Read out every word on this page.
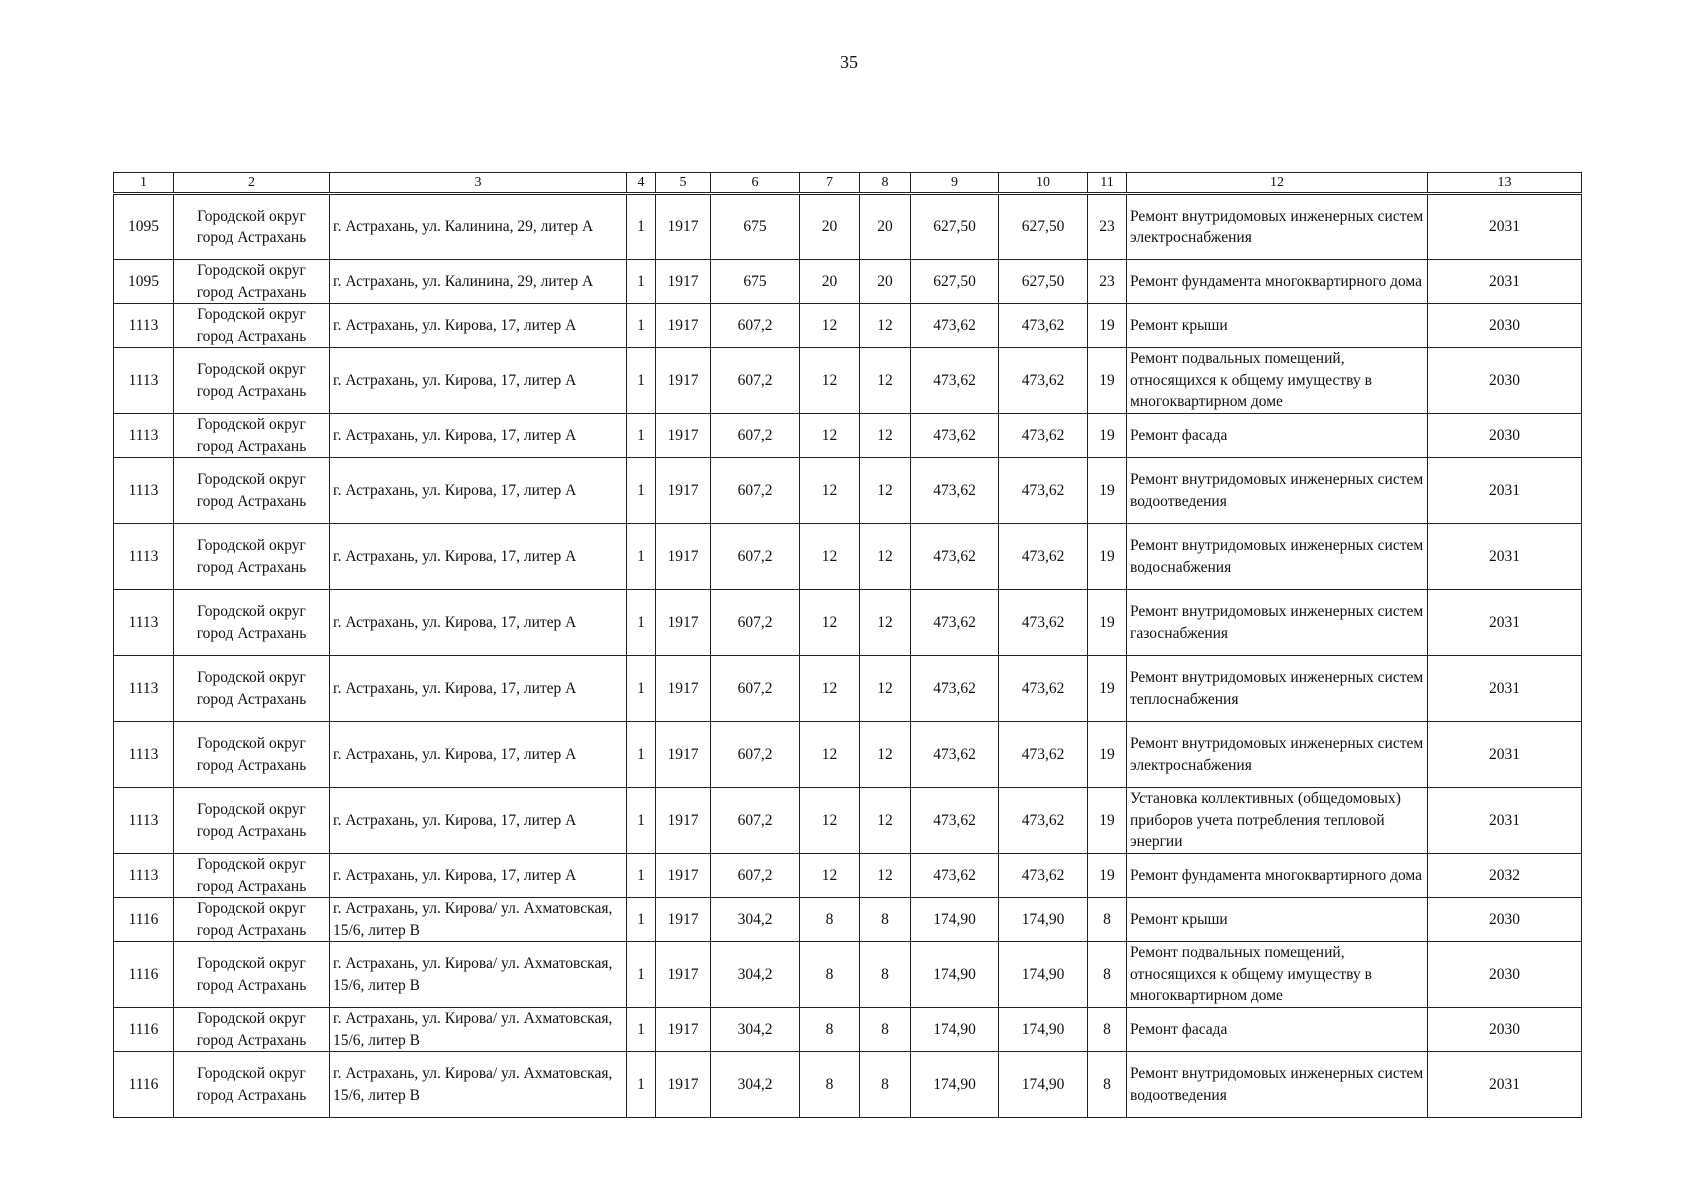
35
1	2	3	4	5	6	7	8	9	10	11	12	13
1095	Городской округ город Астрахань	г. Астрахань, ул. Калинина, 29, литер А	1	1917	675	20	20	627,50	627,50	23	Ремонт внутридомовых инженерных систем электроснабжения	2031
1095	Городской округ город Астрахань	г. Астрахань, ул. Калинина, 29, литер А	1	1917	675	20	20	627,50	627,50	23	Ремонт фундамента многоквартирного дома	2031
1113	Городской округ город Астрахань	г. Астрахань, ул. Кирова, 17, литер А	1	1917	607,2	12	12	473,62	473,62	19	Ремонт крыши	2030
1113	Городской округ город Астрахань	г. Астрахань, ул. Кирова, 17, литер А	1	1917	607,2	12	12	473,62	473,62	19	Ремонт подвальных помещений, относящихся к общему имуществу в многоквартирном доме	2030
1113	Городской округ город Астрахань	г. Астрахань, ул. Кирова, 17, литер А	1	1917	607,2	12	12	473,62	473,62	19	Ремонт фасада	2030
1113	Городской округ город Астрахань	г. Астрахань, ул. Кирова, 17, литер А	1	1917	607,2	12	12	473,62	473,62	19	Ремонт внутридомовых инженерных систем водоотведения	2031
1113	Городской округ город Астрахань	г. Астрахань, ул. Кирова, 17, литер А	1	1917	607,2	12	12	473,62	473,62	19	Ремонт внутридомовых инженерных систем водоснабжения	2031
1113	Городской округ город Астрахань	г. Астрахань, ул. Кирова, 17, литер А	1	1917	607,2	12	12	473,62	473,62	19	Ремонт внутридомовых инженерных систем газоснабжения	2031
1113	Городской округ город Астрахань	г. Астрахань, ул. Кирова, 17, литер А	1	1917	607,2	12	12	473,62	473,62	19	Ремонт внутридомовых инженерных систем теплоснабжения	2031
1113	Городской округ город Астрахань	г. Астрахань, ул. Кирова, 17, литер А	1	1917	607,2	12	12	473,62	473,62	19	Ремонт внутридомовых инженерных систем электроснабжения	2031
1113	Городской округ город Астрахань	г. Астрахань, ул. Кирова, 17, литер А	1	1917	607,2	12	12	473,62	473,62	19	Установка коллективных (общедомовых) приборов учета потребления тепловой энергии	2031
1113	Городской округ город Астрахань	г. Астрахань, ул. Кирова, 17, литер А	1	1917	607,2	12	12	473,62	473,62	19	Ремонт фундамента многоквартирного дома	2032
1116	Городской округ город Астрахань	г. Астрахань, ул. Кирова/ ул. Ахматовская, 15/6, литер В	1	1917	304,2	8	8	174,90	174,90	8	Ремонт крыши	2030
1116	Городской округ город Астрахань	г. Астрахань, ул. Кирова/ ул. Ахматовская, 15/6, литер В	1	1917	304,2	8	8	174,90	174,90	8	Ремонт подвальных помещений, относящихся к общему имуществу в многоквартирном доме	2030
1116	Городской округ город Астрахань	г. Астрахань, ул. Кирова/ ул. Ахматовская, 15/6, литер В	1	1917	304,2	8	8	174,90	174,90	8	Ремонт фасада	2030
1116	Городской округ город Астрахань	г. Астрахань, ул. Кирова/ ул. Ахматовская, 15/6, литер В	1	1917	304,2	8	8	174,90	174,90	8	Ремонт внутридомовых инженерных систем водоотведения	2031
